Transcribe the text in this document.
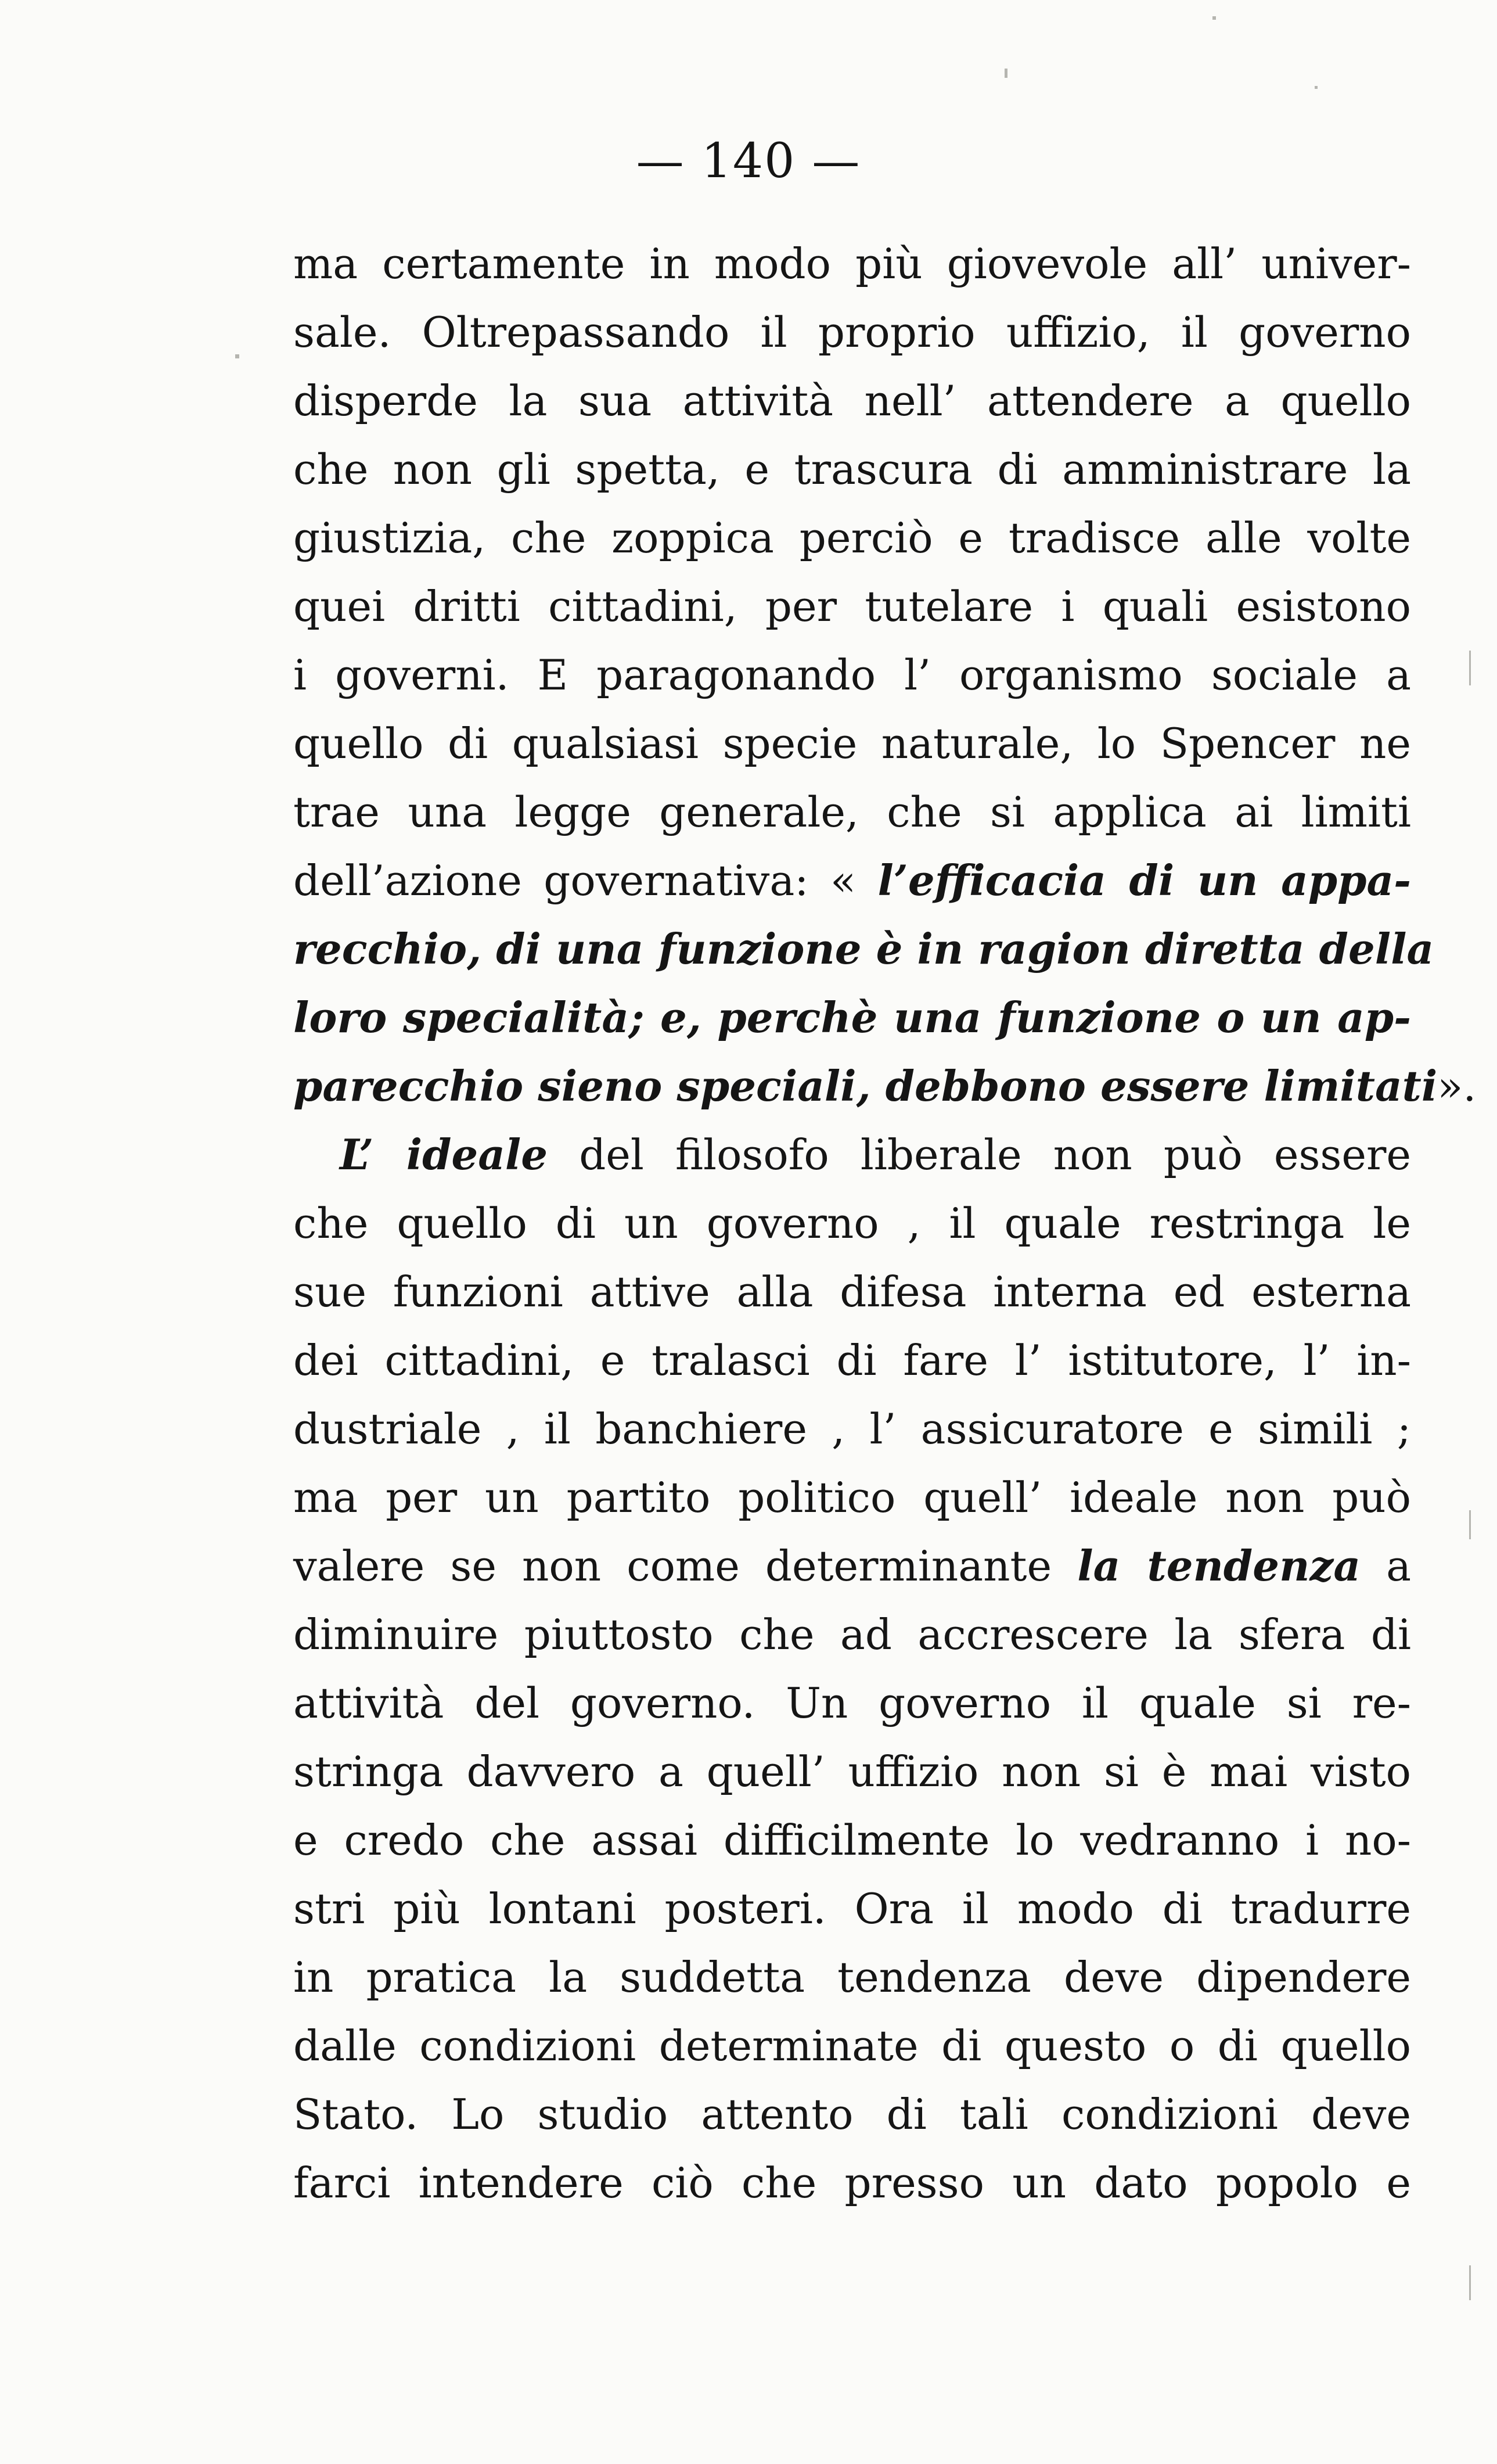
— 140 —
ma certamente in modo più giovevole all’ univer-
sale. Oltrepassando il proprio uffizio, il governo
disperde la sua attività nell’ attendere a quello
che non gli spetta, e trascura di amministrare la
giustizia, che zoppica perciò e tradisce alle volte
quei dritti cittadini, per tutelare i quali esistono
i governi. E paragonando l’ organismo sociale a
quello di qualsiasi specie naturale, lo Spencer ne
trae una legge generale, che si applica ai limiti
dell’azione governativa: « l’efficacia di un appa-
recchio, di una funzione è in ragion diretta della
loro specialità; e, perchè una funzione o un ap-
parecchio sieno speciali, debbono essere limitati».
L’ ideale del filosofo liberale non può essere
che quello di un governo , il quale restringa le
sue funzioni attive alla difesa interna ed esterna
dei cittadini, e tralasci di fare l’ istitutore, l’ in-
dustriale , il banchiere , l’ assicuratore e simili ;
ma per un partito politico quell’ ideale non può
valere se non come determinante la tendenza a
diminuire piuttosto che ad accrescere la sfera di
attività del governo. Un governo il quale si re-
stringa davvero a quell’ uffizio non si è mai visto
e credo che assai difficilmente lo vedranno i no-
stri più lontani posteri. Ora il modo di tradurre
in pratica la suddetta tendenza deve dipendere
dalle condizioni determinate di questo o di quello
Stato. Lo studio attento di tali condizioni deve
farci intendere ciò che presso un dato popolo e
